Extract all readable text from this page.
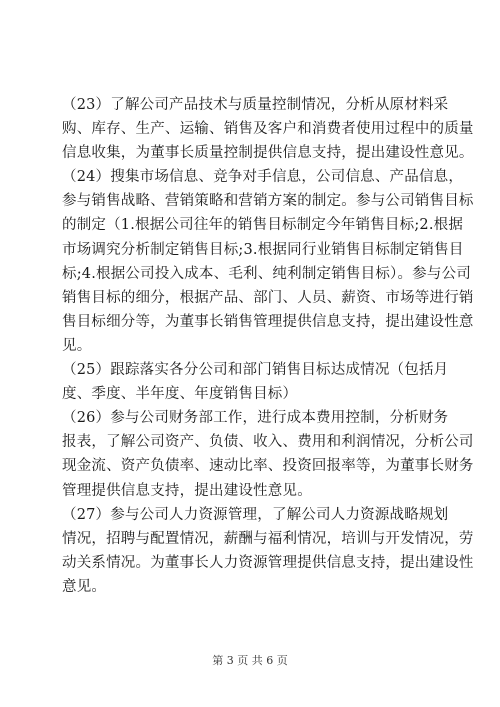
（23）了解公司产品技术与质量控制情况，分析从原材料采
购、库存、生产、运输、销售及客户和消费者使用过程中的质量
信息收集，为董事长质量控制提供信息支持，提出建设性意见。
（24）搜集市场信息、竞争对手信息，公司信息、产品信息，
参与销售战略、营销策略和营销方案的制定。参与公司销售目标
的制定（1.根据公司往年的销售目标制定今年销售目标;2.根据
市场调究分析制定销售目标;3.根据同行业销售目标制定销售目
标;4.根据公司投入成本、毛利、纯利制定销售目标）。参与公司
销售目标的细分，根据产品、部门、人员、薪资、市场等进行销
售目标细分等，为董事长销售管理提供信息支持，提出建设性意
见。
（25）跟踪落实各分公司和部门销售目标达成情况（包括月
度、季度、半年度、年度销售目标）
（26）参与公司财务部工作，进行成本费用控制，分析财务
报表，了解公司资产、负债、收入、费用和利润情况，分析公司
现金流、资产负债率、速动比率、投资回报率等，为董事长财务
管理提供信息支持，提出建设性意见。
（27）参与公司人力资源管理，了解公司人力资源战略规划
情况，招聘与配置情况，薪酬与福利情况，培训与开发情况，劳
动关系情况。为董事长人力资源管理提供信息支持，提出建设性
意见。
第 3 页 共 6 页
